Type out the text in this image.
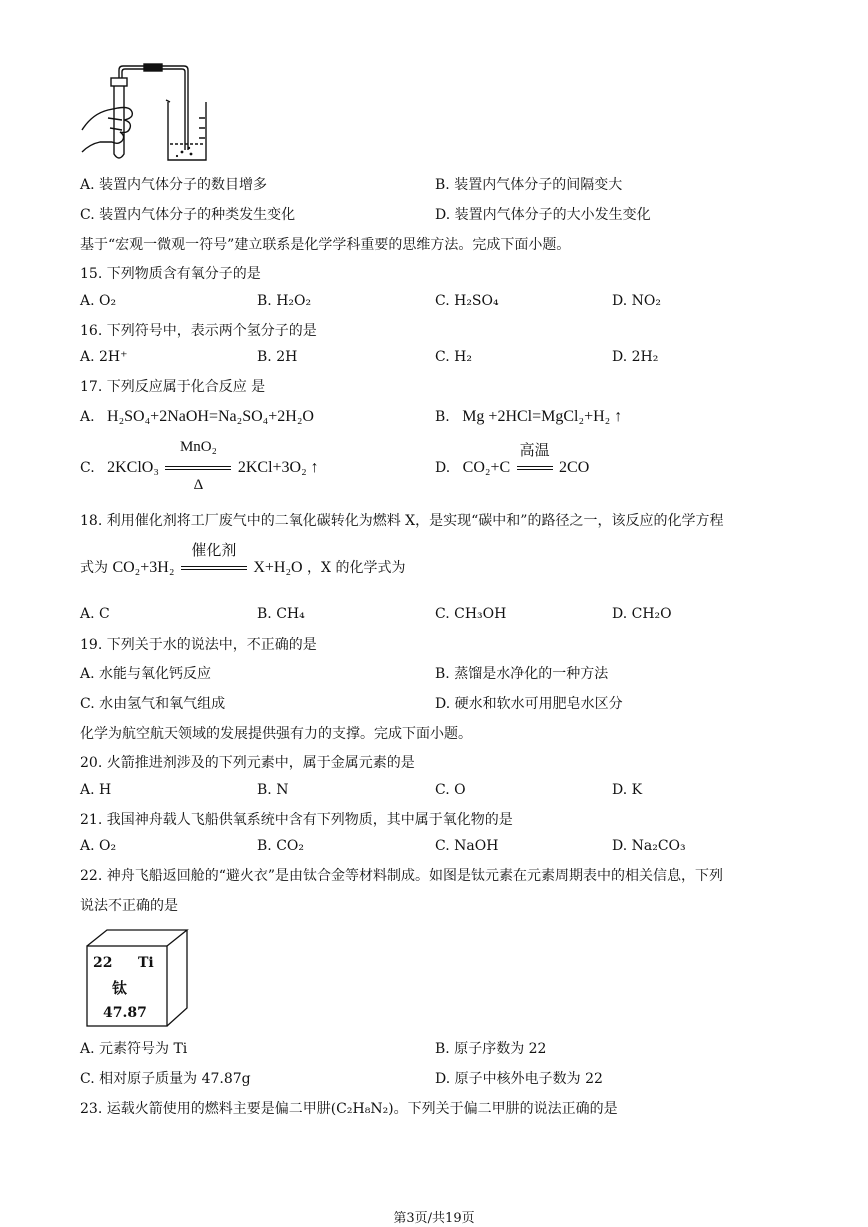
A. 装置内气体分子的数目增多	B. 装置内气体分子的间隔变大
C. 装置内气体分子的种类发生变化	D. 装置内气体分子的大小发生变化
基于“宏观一微观一符号”建立联系是化学学科重要的思维方法。完成下面小题。
15. 下列物质含有氧分子的是
A. O₂	B. H₂O₂	C. H₂SO₄	D. NO₂
16. 下列符号中，表示两个氢分子的是
A. 2H⁺	B. 2H	C. H₂	D. 2H₂
17. 下列反应属于化合反应 是
A. H₂SO₄+2NaOH=Na₂SO₄+2H₂O	B. Mg +2HCl=MgCl₂+H₂ ↑
C. 2KClO₃
MnO₂
Δ
2KCl+3O₂ ↑	D. CO₂+C
高温
2CO
18. 利用催化剂将工厂废气中的二氧化碳转化为燃料 X，是实现“碳中和”的路径之一，该反应的化学方程
式为 CO₂+3H₂
催化剂
X+H₂O ，X 的化学式为
A. C	B. CH₄	C. CH₃OH	D. CH₂O
19. 下列关于水的说法中，不正确的是
A. 水能与氧化钙反应	B. 蒸馏是水净化的一种方法
C. 水由氢气和氧气组成	D. 硬水和软水可用肥皂水区分
化学为航空航天领域的发展提供强有力的支撑。完成下面小题。
20. 火箭推进剂涉及的下列元素中，属于金属元素的是
A. H	B. N	C. O	D. K
21. 我国神舟载人飞船供氧系统中含有下列物质，其中属于氧化物的是
A. O₂	B. CO₂	C. NaOH	D. Na₂CO₃
22. 神舟飞船返回舱的“避火衣”是由钛合金等材料制成。如图是钛元素在元素周期表中的相关信息，下列
说法不正确的是
22 Ti
钛
47.87
A. 元素符号为 Ti	B. 原子序数为 22
C. 相对原子质量为 47.87g	D. 原子中核外电子数为 22
23. 运载火箭使用的燃料主要是偏二甲肼(C₂H₈N₂)。下列关于偏二甲肼的说法正确的是
第3页/共19页
